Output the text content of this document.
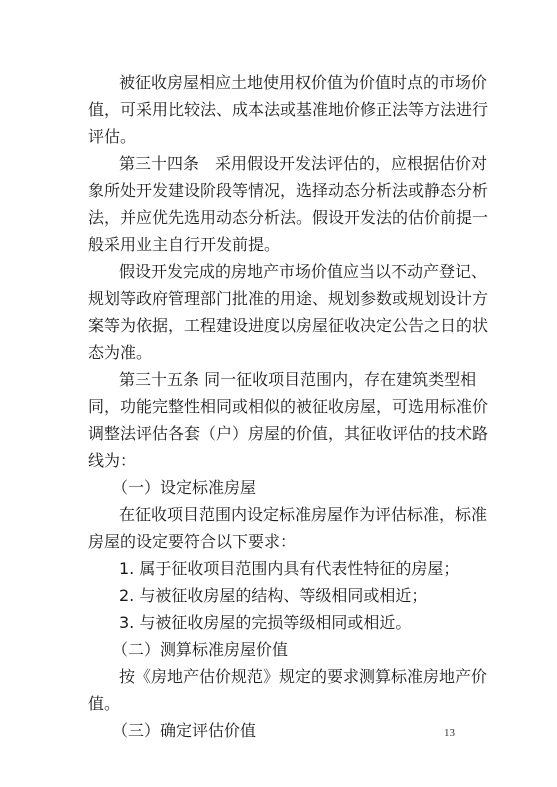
被征收房屋相应土地使用权价值为价值时点的市场价
值，可采用比较法、成本法或基准地价修正法等方法进行
评估。
第三十四条　采用假设开发法评估的，应根据估价对
象所处开发建设阶段等情况，选择动态分析法或静态分析
法，并应优先选用动态分析法。假设开发法的估价前提一
般采用业主自行开发前提。
假设开发完成的房地产市场价值应当以不动产登记、
规划等政府管理部门批准的用途、规划参数或规划设计方
案等为依据，工程建设进度以房屋征收决定公告之日的状
态为准。
第三十五条 同一征收项目范围内，存在建筑类型相
同，功能完整性相同或相似的被征收房屋，可选用标准价
调整法评估各套（户）房屋的价值，其征收评估的技术路
线为：
（一）设定标准房屋
在征收项目范围内设定标准房屋作为评估标准，标准
房屋的设定要符合以下要求：
1. 属于征收项目范围内具有代表性特征的房屋；
2. 与被征收房屋的结构、等级相同或相近；
3. 与被征收房屋的完损等级相同或相近。
（二）测算标准房屋价值
按《房地产估价规范》规定的要求测算标准房地产价
值。
（三）确定评估价值	13
